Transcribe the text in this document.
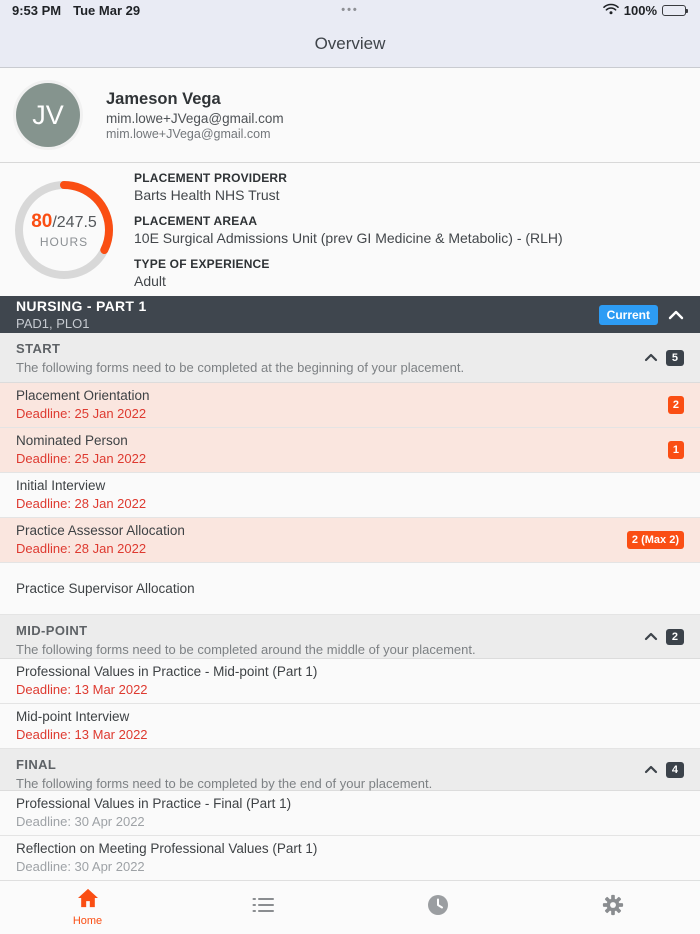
9:53 PM Tue Mar 29	•••	100%
Overview
JV
Jameson Vega
mim.lowe+JVega@gmail.com
mim.lowe+JVega@gmail.com
80/247.5
HOURS
PLACEMENT PROVIDERR
Barts Health NHS Trust
PLACEMENT AREAA
10E Surgical Admissions Unit (prev GI Medicine & Metabolic) - (RLH)
TYPE OF EXPERIENCE
Adult
NURSING - PART 1
PAD1, PLO1
Current
START
The following forms need to be completed at the beginning of your placement.
5
Placement Orientation
Deadline: 25 Jan 2022
2
Nominated Person
Deadline: 25 Jan 2022
1
Initial Interview
Deadline: 28 Jan 2022
Practice Assessor Allocation
Deadline: 28 Jan 2022
2 (Max 2)
Practice Supervisor Allocation
MID-POINT
The following forms need to be completed around the middle of your placement.
2
Professional Values in Practice - Mid-point (Part 1)
Deadline: 13 Mar 2022
Mid-point Interview
Deadline: 13 Mar 2022
FINAL
The following forms need to be completed by the end of your placement.
4
Professional Values in Practice - Final (Part 1)
Deadline: 30 Apr 2022
Reflection on Meeting Professional Values (Part 1)
Deadline: 30 Apr 2022
Home
